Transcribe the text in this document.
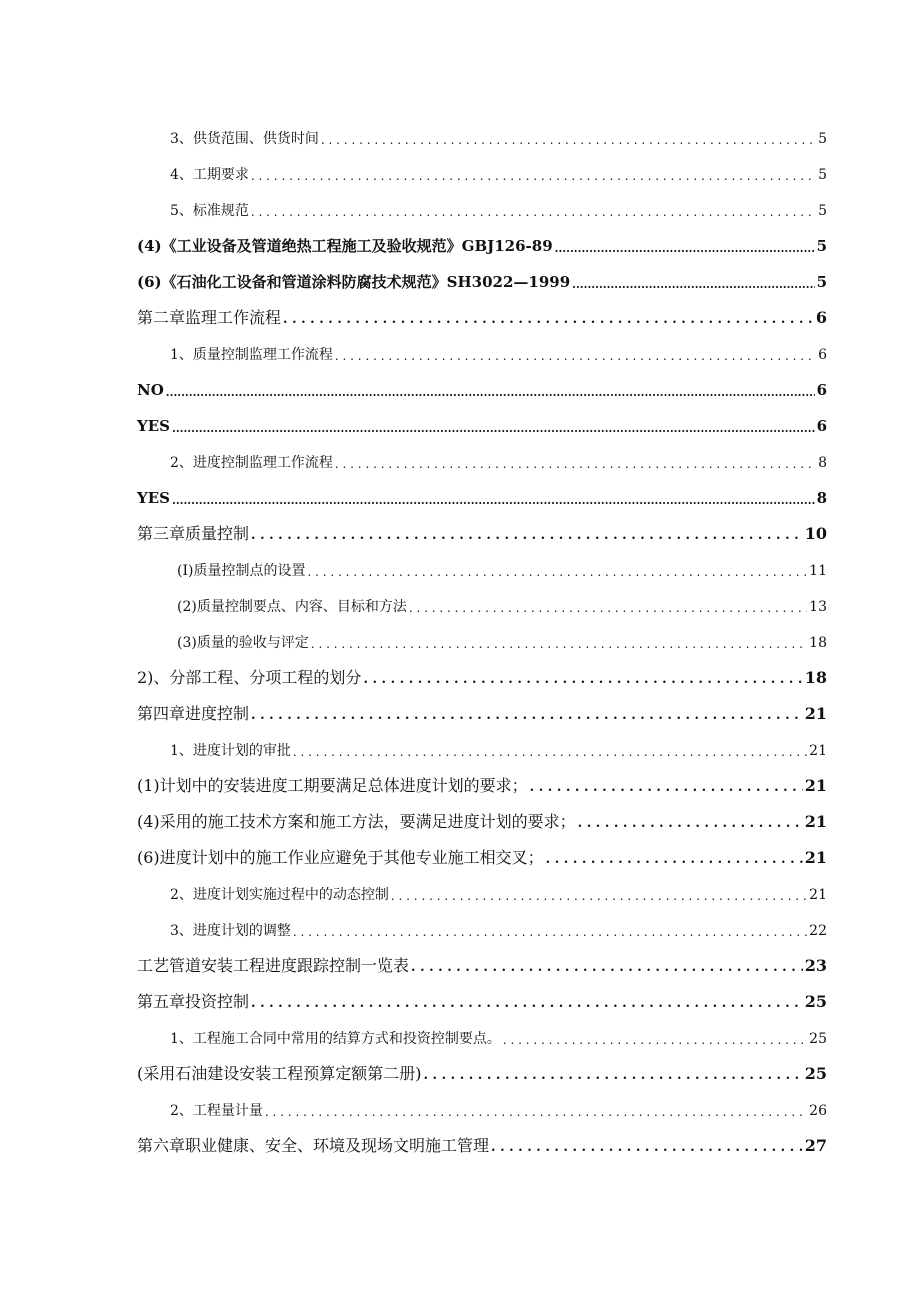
3、供货范围、供货时间 . . .	5
4、工期要求 . . .	5
5、标准规范 . . .	5
(4)《工业设备及管道绝热工程施工及验收规范》GBJ126-89 .....	5
(6)《石油化工设备和管道涂料防腐技术规范》SH3022—1999 .....	5
第二章监理工作流程 . . .	6
1、质量控制监理工作流程 . . .	6
NO .....	6
YES .....	6
2、进度控制监理工作流程 . . .	8
YES .....	8
第三章质量控制 . . .	10
(I)质量控制点的设置 . . .	11
(2)质量控制要点、内容、目标和方法 . . .	13
(3)质量的验收与评定 . . .	18
2)、分部工程、分项工程的划分 . . .	18
第四章进度控制 . . .	21
1、进度计划的审批 . . .	21
(1)计划中的安装进度工期要满足总体进度计划的要求； . . .	21
(4)采用的施工技术方案和施工方法，要满足进度计划的要求； . . .	21
(6)进度计划中的施工作业应避免于其他专业施工相交叉； . . .	21
2、进度计划实施过程中的动态控制 . . .	21
3、进度计划的调整 . . .	22
工艺管道安装工程进度跟踪控制一览表 . . .	23
第五章投资控制 . . .	25
1、工程施工合同中常用的结算方式和投资控制要点。 . . .	25
(采用石油建设安装工程预算定额第二册) . . .	25
2、工程量计量 . . .	26
第六章职业健康、安全、环境及现场文明施工管理 . . .	27
